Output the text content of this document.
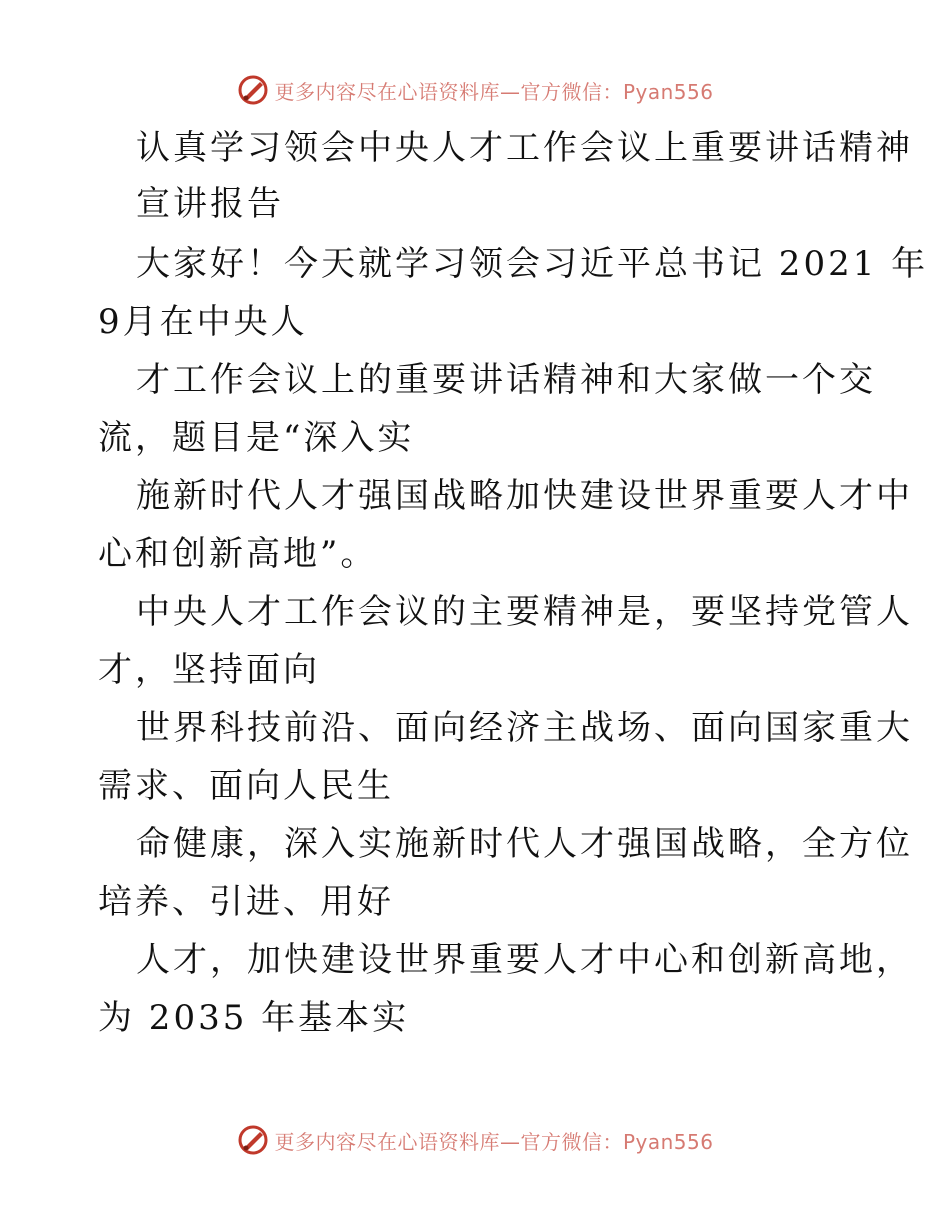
更多内容尽在心语资料库—官方微信：Pyan556
认真学习领会中央人才工作会议上重要讲话精神
宣讲报告
大家好！今天就学习领会习近平总书记 2021 年
9月在中央人
才工作会议上的重要讲话精神和大家做一个交
流，题目是“深入实
施新时代人才强国战略加快建设世界重要人才中
心和创新高地”。
中央人才工作会议的主要精神是，要坚持党管人
才，坚持面向
世界科技前沿、面向经济主战场、面向国家重大
需求、面向人民生
命健康，深入实施新时代人才强国战略，全方位
培养、引进、用好
人才，加快建设世界重要人才中心和创新高地，
为 2035 年基本实
更多内容尽在心语资料库—官方微信：Pyan556
